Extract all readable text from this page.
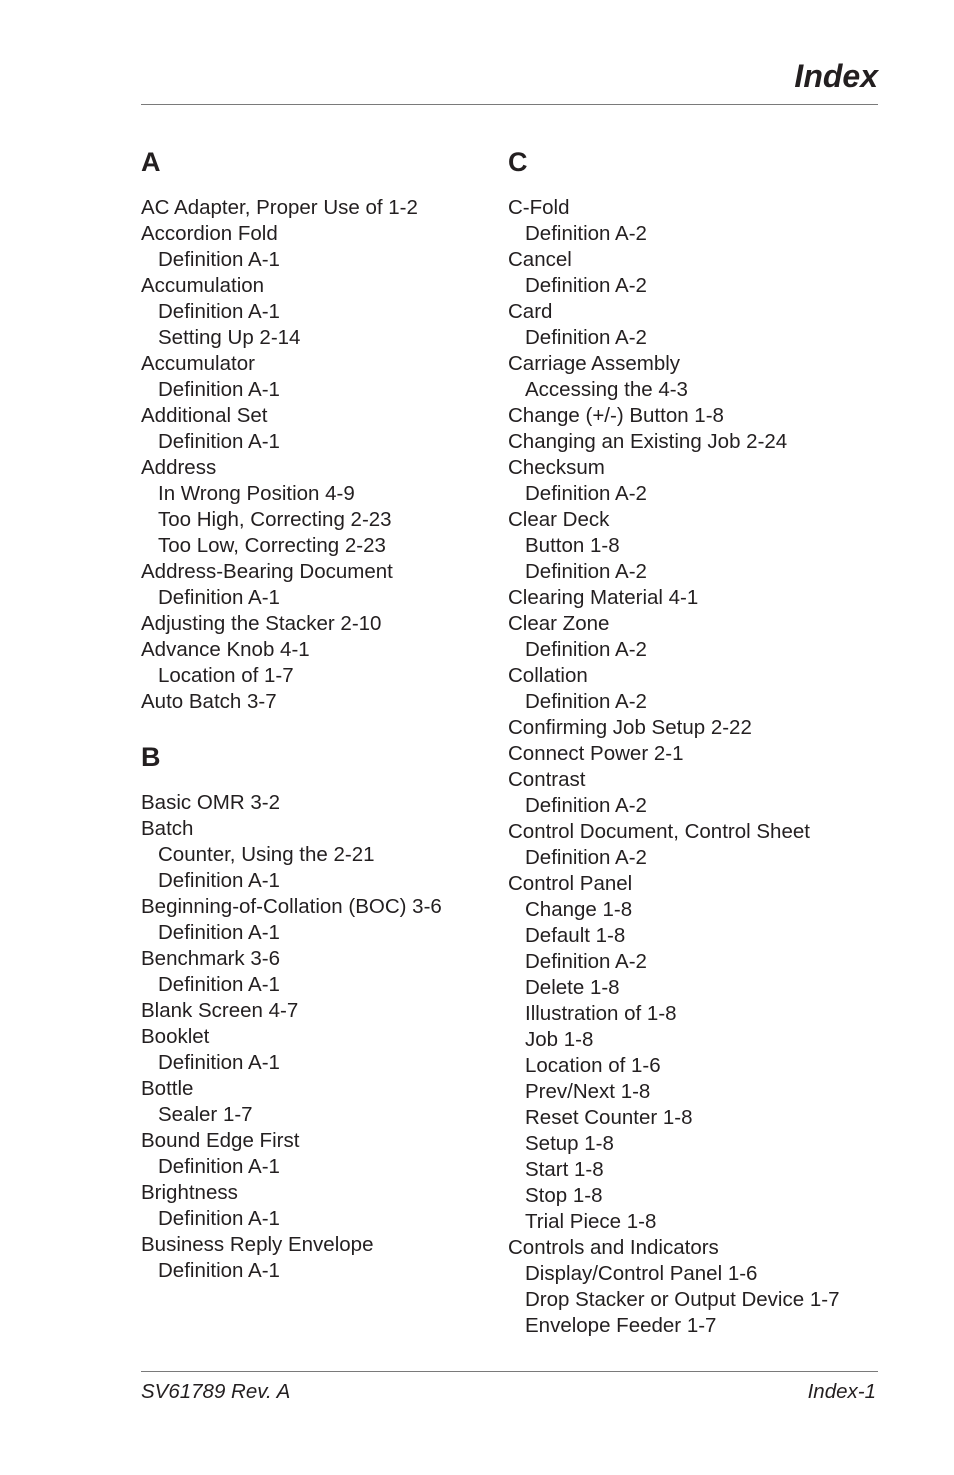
Index
A
AC Adapter, Proper Use of 1-2
Accordion Fold
Definition A-1
Accumulation
Definition A-1
Setting Up 2-14
Accumulator
Definition A-1
Additional Set
Definition A-1
Address
In Wrong Position 4-9
Too High, Correcting 2-23
Too Low, Correcting 2-23
Address-Bearing Document
Definition A-1
Adjusting the Stacker 2-10
Advance Knob 4-1
Location of 1-7
Auto Batch 3-7
B
Basic OMR 3-2
Batch
Counter, Using the 2-21
Definition A-1
Beginning-of-Collation (BOC) 3-6
Definition A-1
Benchmark 3-6
Definition A-1
Blank Screen 4-7
Booklet
Definition A-1
Bottle
Sealer 1-7
Bound Edge First
Definition A-1
Brightness
Definition A-1
Business Reply Envelope
Definition A-1
C
C-Fold
Definition A-2
Cancel
Definition A-2
Card
Definition A-2
Carriage Assembly
Accessing the 4-3
Change (+/-) Button 1-8
Changing an Existing Job 2-24
Checksum
Definition A-2
Clear Deck
Button 1-8
Definition A-2
Clearing Material 4-1
Clear Zone
Definition A-2
Collation
Definition A-2
Confirming Job Setup 2-22
Connect Power 2-1
Contrast
Definition A-2
Control Document, Control Sheet
Definition A-2
Control Panel
Change 1-8
Default 1-8
Definition A-2
Delete 1-8
Illustration of 1-8
Job 1-8
Location of 1-6
Prev/Next 1-8
Reset Counter 1-8
Setup 1-8
Start 1-8
Stop 1-8
Trial Piece 1-8
Controls and Indicators
Display/Control Panel 1-6
Drop Stacker or Output Device 1-7
Envelope Feeder 1-7
SV61789 Rev. A	Index-1
